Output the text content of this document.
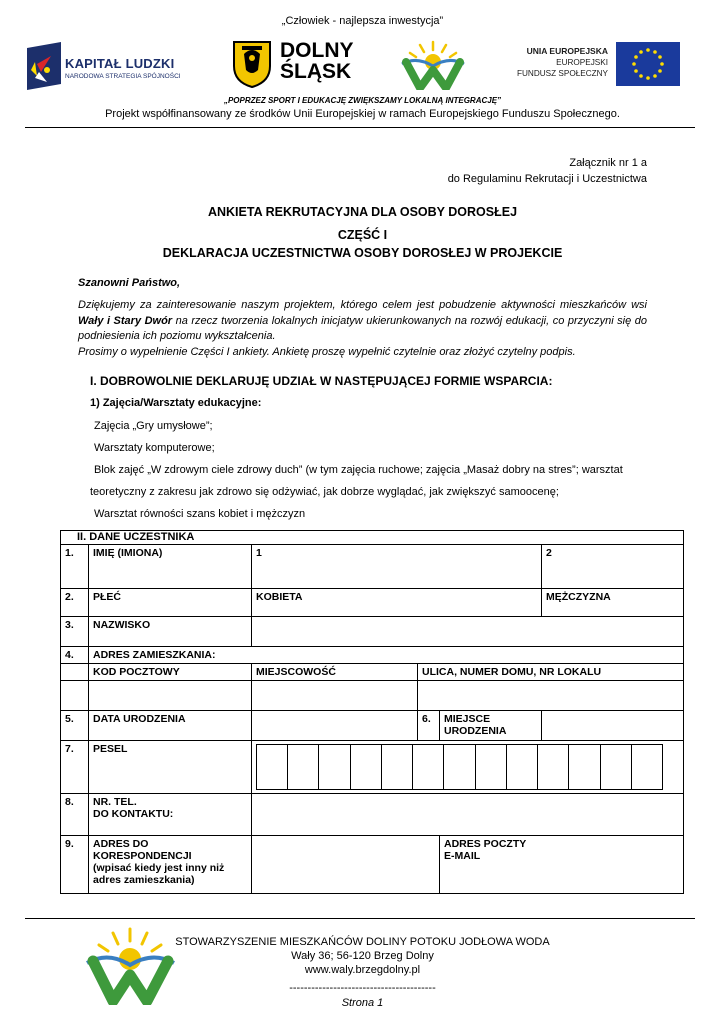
„Człowiek - najlepsza inwestycja”
KAPITAŁ LUDZKI
NARODOWA STRATEGIA SPÓJNOŚCI
DOLNY
ŚLĄSK
UNIA EUROPEJSKA
EUROPEJSKI
FUNDUSZ SPOŁECZNY
„POPRZEZ SPORT I EDUKACJĘ ZWIĘKSZAMY LOKALNĄ INTEGRACJĘ”
Projekt współfinansowany ze środków Unii Europejskiej w ramach Europejskiego Funduszu Społecznego.
Załącznik nr 1 a
do Regulaminu Rekrutacji i Uczestnictwa
ANKIETA REKRUTACYJNA DLA OSOBY DOROSŁEJ
CZĘŚĆ I
DEKLARACJA UCZESTNICTWA OSOBY DOROSŁEJ W PROJEKCIE
Szanowni Państwo,
Dziękujemy za zainteresowanie naszym projektem, którego celem jest pobudzenie aktywności mieszkańców wsi Wały i Stary Dwór na rzecz tworzenia lokalnych inicjatyw ukierunkowanych na rozwój edukacji, co przyczyni się do podniesienia ich poziomu wykształcenia.
Prosimy o wypełnienie Części I ankiety. Ankietę proszę wypełnić czytelnie oraz złożyć czytelny podpis.
I. DOBROWOLNIE DEKLARUJĘ UDZIAŁ W NASTĘPUJĄCEJ FORMIE WSPARCIA:
1) Zajęcia/Warsztaty edukacyjne:
Zajęcia „Gry umysłowe”;
Warsztaty komputerowe;
Blok zajęć „W zdrowym ciele zdrowy duch” (w tym zajęcia ruchowe; zajęcia „Masaż dobry na stres”; warsztat
teoretyczny z zakresu jak zdrowo się odżywiać, jak dobrze wyglądać, jak zwiększyć samoocenę;
Warsztat równości szans kobiet i mężczyzn
II. DANE UCZESTNIKA					
1.	IMIĘ (IMIONA)	1			2
2.	PŁEĆ	KOBIETA			MĘŻCZYZNA
3.	NAZWISKO				
4.	ADRES ZAMIESZKANIA:				
	KOD POCZTOWY	MIEJSCOWOŚĆ	ULICA, NUMER DOMU, NR LOKALU		

5.	DATA URODZENIA		6.	MIEJSCE
URODZENIA	
7.	PESEL				

8.	NR. TEL.
DO KONTAKTU:				
9.	ADRES DO KORESPONDENCJI
(wpisać kiedy jest inny niż
adres zamieszkania)			ADRES POCZTY
E-MAIL	
STOWARZYSZENIE MIESZKAŃCÓW DOLINY POTOKU JODŁOWA WODA
Wały 36; 56-120 Brzeg Dolny
www.waly.brzegdolny.pl
----------------------------------------
Strona 1
